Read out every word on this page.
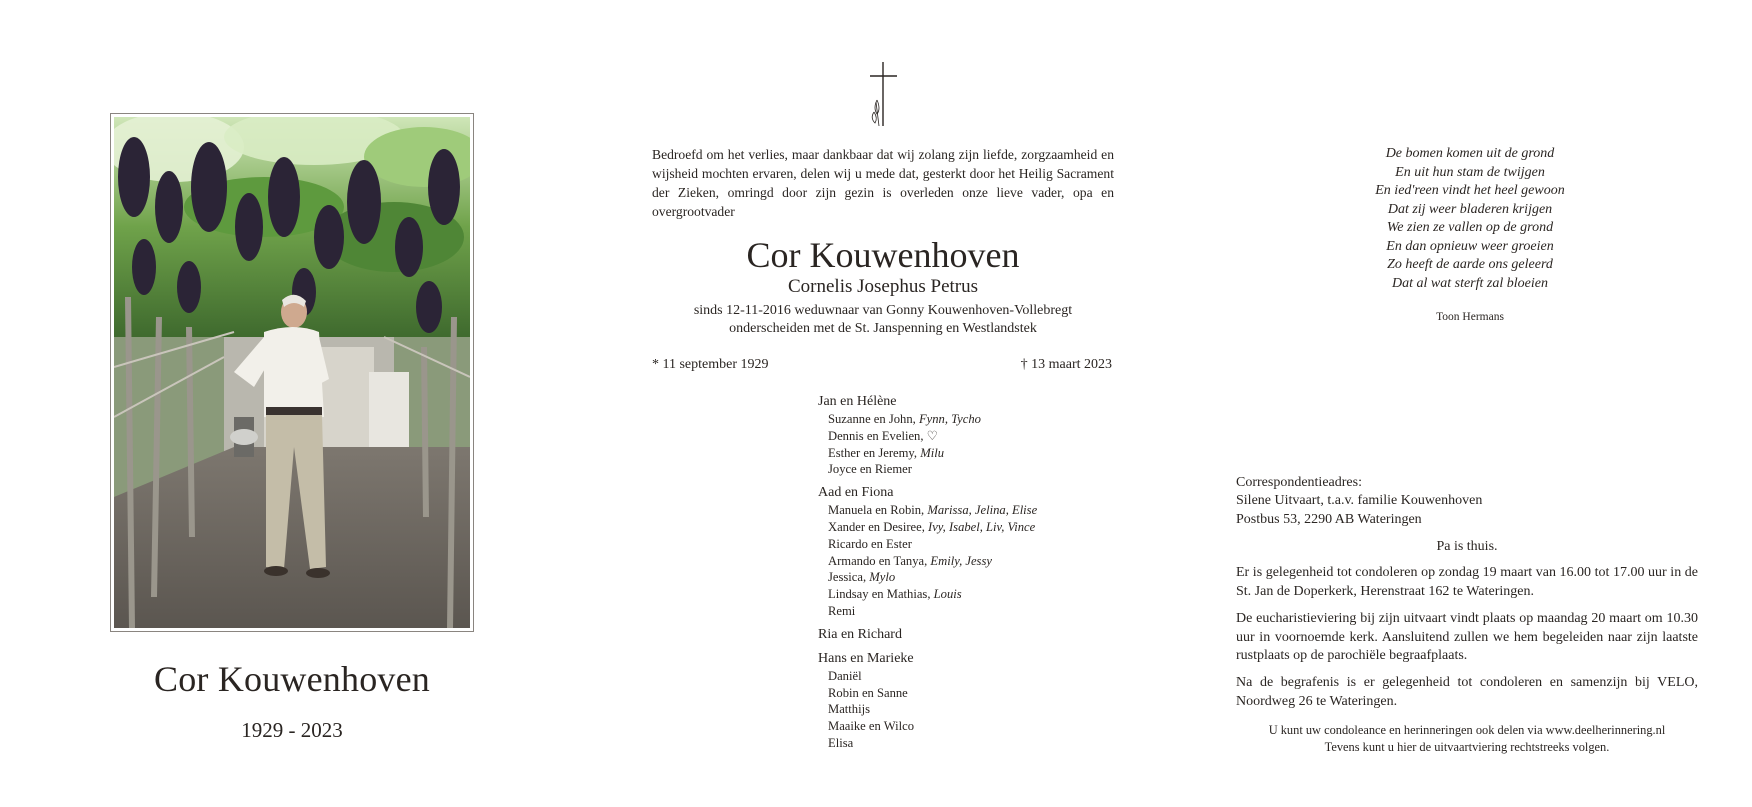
Cor Kouwenhoven
1929 - 2023
Bedroefd om het verlies, maar dankbaar dat wij zolang zijn liefde, zorgzaamheid en wijsheid mochten ervaren, delen wij u mede dat, gesterkt door het Heilig Sacrament der Zieken, omringd door zijn gezin is overleden onze lieve vader, opa en overgrootvader
Cor Kouwenhoven
Cornelis Josephus Petrus
sinds 12-11-2016 weduwnaar van Gonny Kouwenhoven-Vollebregt
onderscheiden met de St. Janspenning en Westlandstek
* 11 september 1929	† 13 maart 2023
Jan en Hélène
Suzanne en John, Fynn, Tycho
Dennis en Evelien, ♡
Esther en Jeremy, Milu
Joyce en Riemer
Aad en Fiona
Manuela en Robin, Marissa, Jelina, Elise
Xander en Desiree, Ivy, Isabel, Liv, Vince
Ricardo en Ester
Armando en Tanya, Emily, Jessy
Jessica, Mylo
Lindsay en Mathias, Louis
Remi
Ria en Richard
Hans en Marieke
Daniël
Robin en Sanne
Matthijs
Maaike en Wilco
Elisa
De bomen komen uit de grond
En uit hun stam de twijgen
En ied'reen vindt het heel gewoon
Dat zij weer bladeren krijgen
We zien ze vallen op de grond
En dan opnieuw weer groeien
Zo heeft de aarde ons geleerd
Dat al wat sterft zal bloeien
Toon Hermans
Correspondentieadres:
Silene Uitvaart, t.a.v. familie Kouwenhoven
Postbus 53, 2290 AB Wateringen
Pa is thuis.
Er is gelegenheid tot condoleren op zondag 19 maart van 16.00 tot 17.00 uur in de St. Jan de Doperkerk, Herenstraat 162 te Wateringen.
De eucharistieviering bij zijn uitvaart vindt plaats op maandag 20 maart om 10.30 uur in voornoemde kerk. Aansluitend zullen we hem begeleiden naar zijn laatste rustplaats op de parochiële begraafplaats.
Na de begrafenis is er gelegenheid tot condoleren en samenzijn bij VELO, Noordweg 26 te Wateringen.
U kunt uw condoleance en herinneringen ook delen via www.deelherinnering.nl
Tevens kunt u hier de uitvaartviering rechtstreeks volgen.
